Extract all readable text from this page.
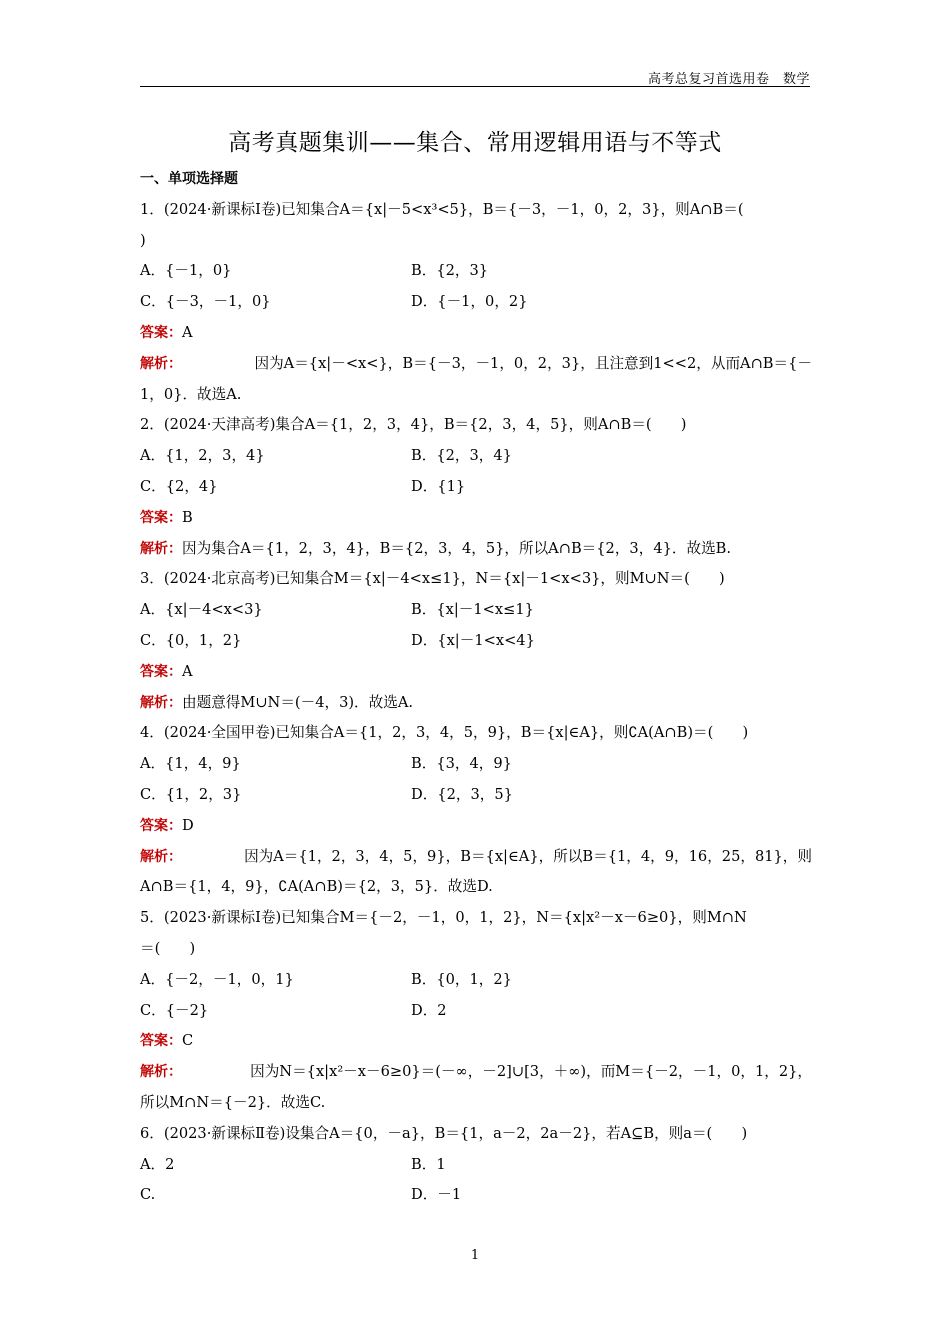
高考总复习首选用卷　数学
高考真题集训——集合、常用逻辑用语与不等式
一、单项选择题
1．(2024·新课标Ⅰ卷)已知集合A＝{x|－5<x³<5}，B＝{－3，－1，0，2，3}，则A∩B＝(
)
A．{－1，0}	B．{2，3}
C．{－3，－1，0}	D．{－1，0，2}
答案：A
解析：	因为A＝{x|－<x<}，B＝{－3，－1，0，2，3}，且注意到1<<2，从而A∩B＝{－
1，0}．故选A.
2．(2024·天津高考)集合A＝{1，2，3，4}，B＝{2，3，4，5}，则A∩B＝(　　)
A．{1，2，3，4}	B．{2，3，4}
C．{2，4}	D．{1}
答案：B
解析：因为集合A＝{1，2，3，4}，B＝{2，3，4，5}，所以A∩B＝{2，3，4}．故选B.
3．(2024·北京高考)已知集合M＝{x|－4<x≤1}，N＝{x|－1<x<3}，则M∪N＝(　　)
A．{x|－4<x<3}	B．{x|－1<x≤1}
C．{0，1，2}	D．{x|－1<x<4}
答案：A
解析：由题意得M∪N＝(－4，3)．故选A.
4．(2024·全国甲卷)已知集合A＝{1，2，3，4，5，9}，B＝{x|∈A}，则∁A(A∩B)＝(　　)
A．{1，4，9}	B．{3，4，9}
C．{1，2，3}	D．{2，3，5}
答案：D
解析：	因为A＝{1，2，3，4，5，9}，B＝{x|∈A}，所以B＝{1，4，9，16，25，81}，则
A∩B＝{1，4，9}，∁A(A∩B)＝{2，3，5}．故选D.
5．(2023·新课标Ⅰ卷)已知集合M＝{－2，－1，0，1，2}，N＝{x|x²－x－6≥0}，则M∩N
＝(　　)
A．{－2，－1，0，1}	B．{0，1，2}
C．{－2}	D．2
答案：C
解析：	因为N＝{x|x²－x－6≥0}＝(－∞，－2]∪[3，＋∞)，而M＝{－2，－1，0，1，2}，
所以M∩N＝{－2}．故选C.
6．(2023·新课标Ⅱ卷)设集合A＝{0，－a}，B＝{1，a－2，2a－2}，若A⊆B，则a＝(　　)
A．2	B．1
C.	D．－1
1
